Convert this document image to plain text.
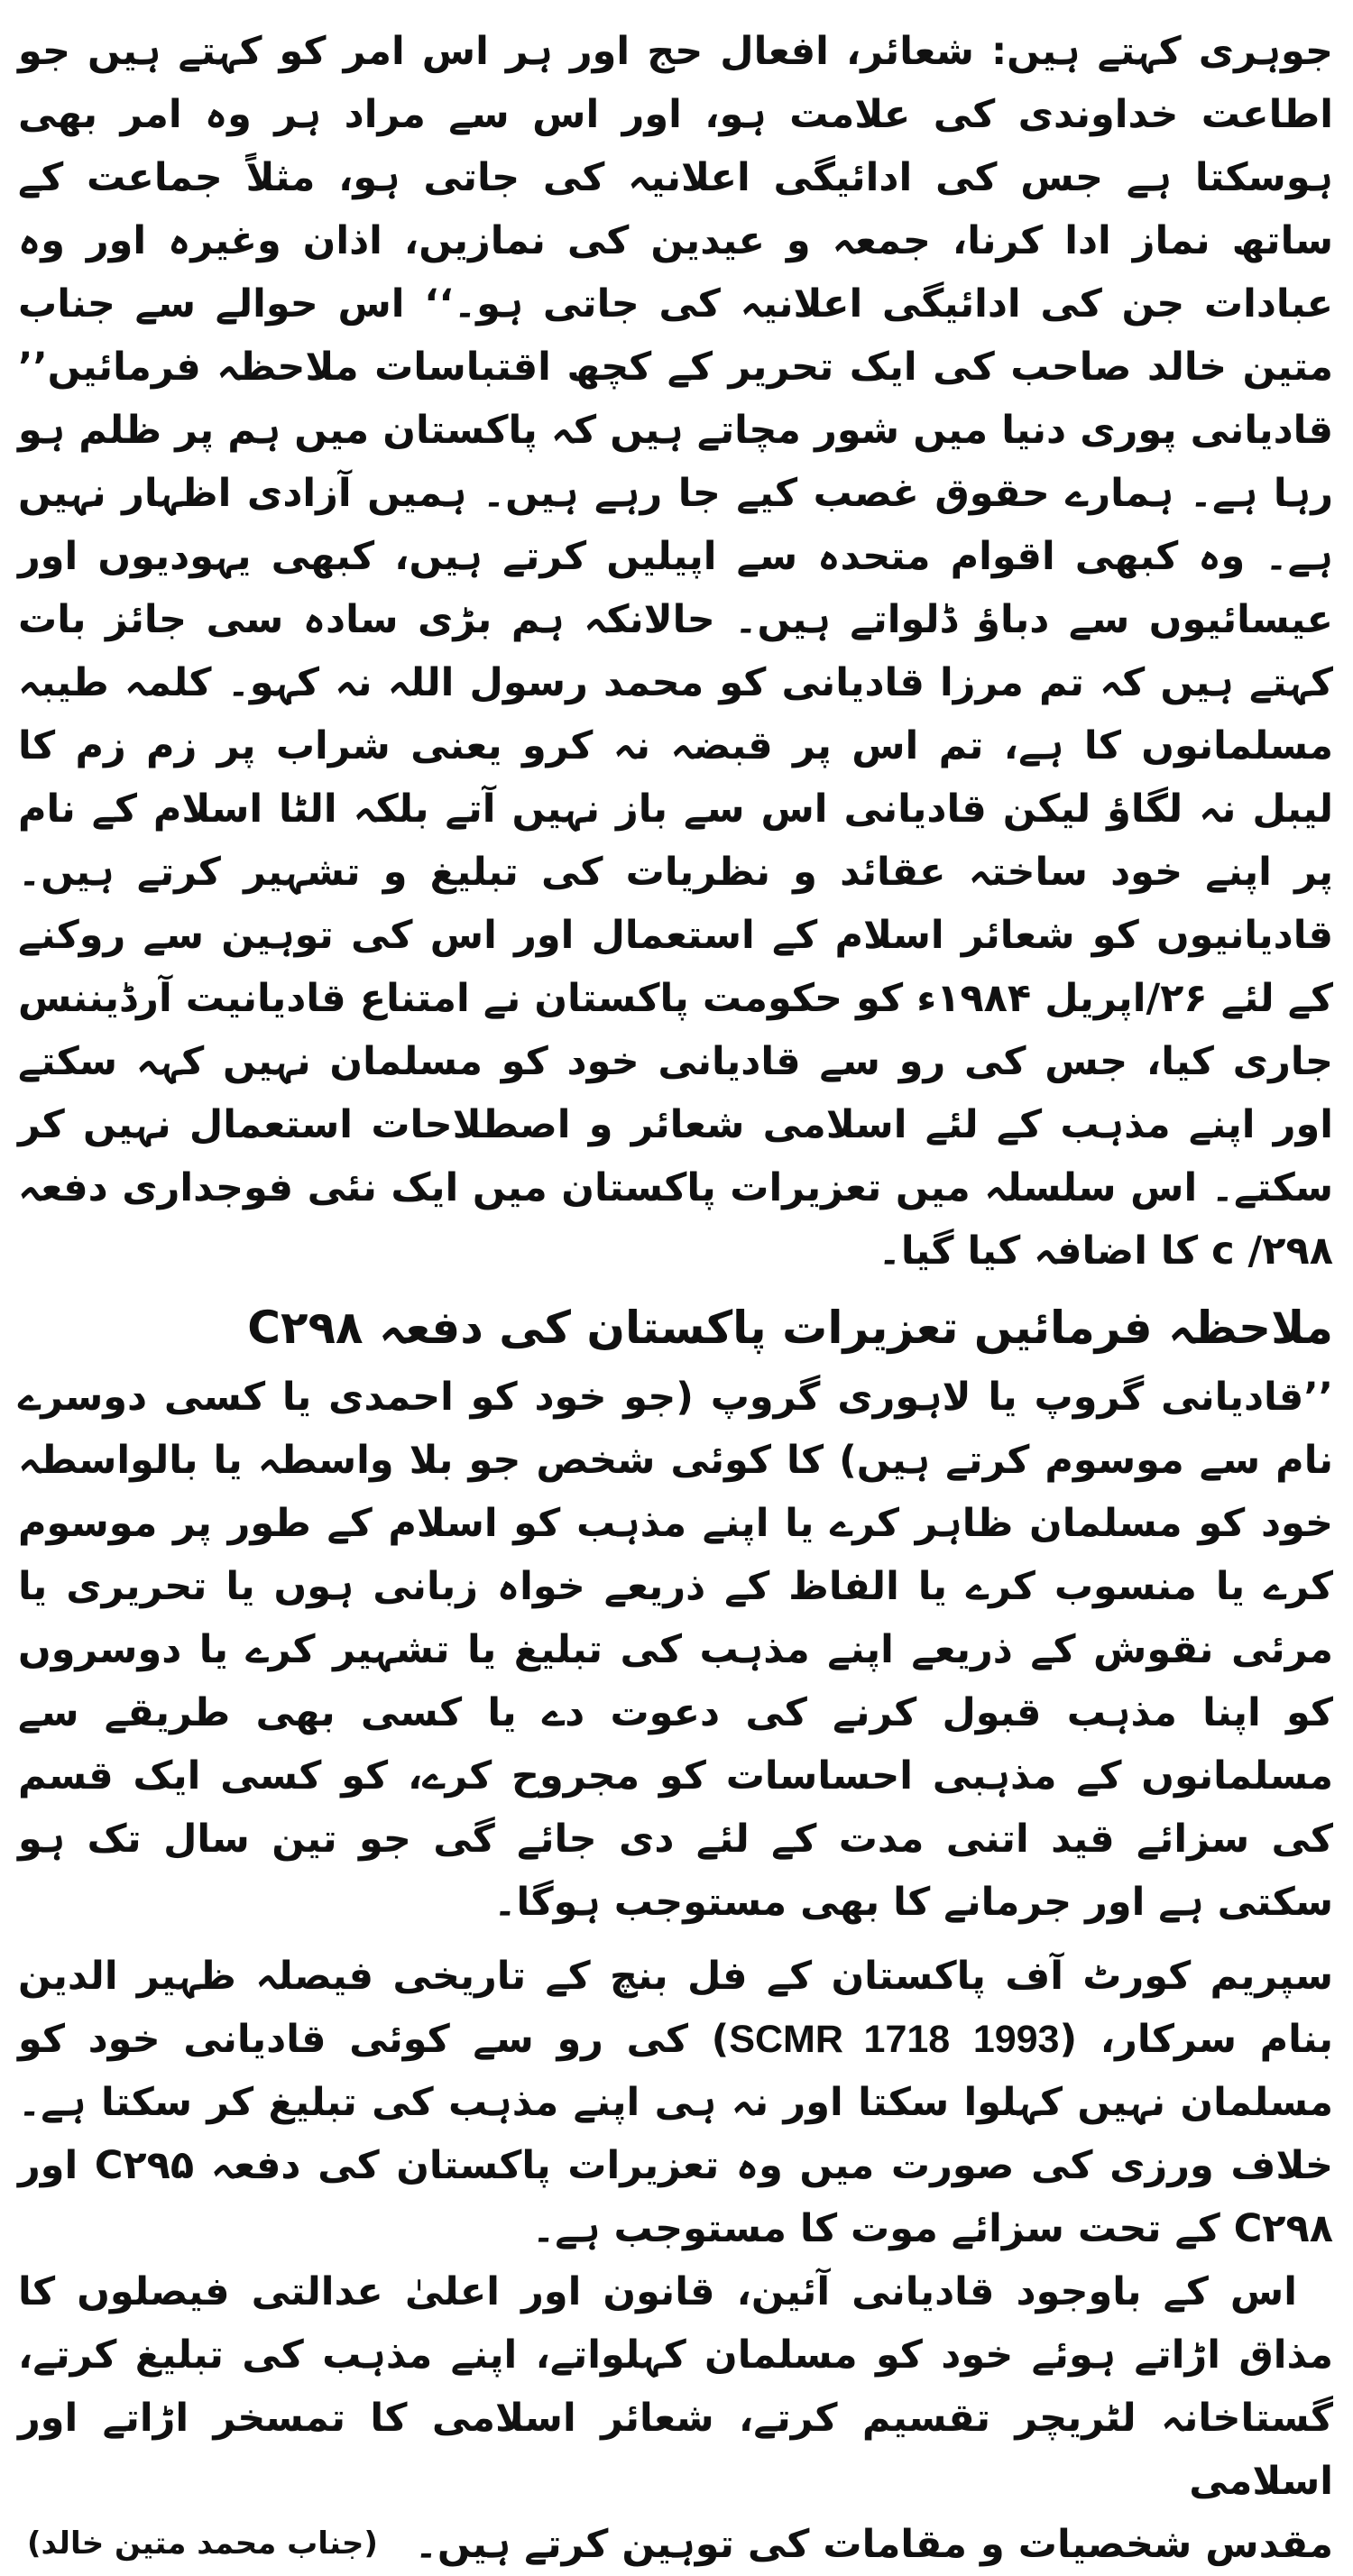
جوہری کہتے ہیں: شعائر، افعال حج اور ہر اس امر کو کہتے ہیں جو اطاعت خداوندی کی علامت ہو، اور اس سے مراد ہر وہ امر بھی ہوسکتا ہے جس کی ادائیگی اعلانیہ کی جاتی ہو، مثلاً جماعت کے ساتھ نماز ادا کرنا، جمعہ و عیدین کی نمازیں، اذان وغیرہ اور وہ عبادات جن کی ادائیگی اعلانیہ کی جاتی ہو۔‘‘ اس حوالے سے جناب متین خالد صاحب کی ایک تحریر کے کچھ اقتباسات ملاحظہ فرمائیں’’ قادیانی پوری دنیا میں شور مچاتے ہیں کہ پاکستان میں ہم پر ظلم ہو رہا ہے۔ ہمارے حقوق غصب کیے جا رہے ہیں۔ ہمیں آزادی اظہار نہیں ہے۔ وہ کبھی اقوام متحدہ سے اپیلیں کرتے ہیں، کبھی یہودیوں اور عیسائیوں سے دباؤ ڈلواتے ہیں۔ حالانکہ ہم بڑی سادہ سی جائز بات کہتے ہیں کہ تم مرزا قادیانی کو محمد رسول اللہ نہ کہو۔ کلمہ طیبہ مسلمانوں کا ہے، تم اس پر قبضہ نہ کرو یعنی شراب پر زم زم کا لیبل نہ لگاؤ لیکن قادیانی اس سے باز نہیں آتے بلکہ الٹا اسلام کے نام پر اپنے خود ساختہ عقائد و نظریات کی تبلیغ و تشہیر کرتے ہیں۔ قادیانیوں کو شعائر اسلام کے استعمال اور اس کی توہین سے روکنے کے لئے ۲۶/اپریل ۱۹۸۴ء کو حکومت پاکستان نے امتناع قادیانیت آرڈیننس جاری کیا، جس کی رو سے قادیانی خود کو مسلمان نہیں کہہ سکتے اور اپنے مذہب کے لئے اسلامی شعائر و اصطلاحات استعمال نہیں کر سکتے۔ اس سلسلہ میں تعزیرات پاکستان میں ایک نئی فوجداری دفعہ ۲۹۸/ c کا اضافہ کیا گیا۔

ملاحظہ فرمائیں تعزیرات پاکستان کی دفعہ C۲۹۸

’’قادیانی گروپ یا لاہوری گروپ (جو خود کو احمدی یا کسی دوسرے نام سے موسوم کرتے ہیں) کا کوئی شخص جو بلا واسطہ یا بالواسطہ خود کو مسلمان ظاہر کرے یا اپنے مذہب کو اسلام کے طور پر موسوم کرے یا منسوب کرے یا الفاظ کے ذریعے خواہ زبانی ہوں یا تحریری یا مرئی نقوش کے ذریعے اپنے مذہب کی تبلیغ یا تشہیر کرے یا دوسروں کو اپنا مذہب قبول کرنے کی دعوت دے یا کسی بھی طریقے سے مسلمانوں کے مذہبی احساسات کو مجروح کرے، کو کسی ایک قسم کی سزائے قید اتنی مدت کے لئے دی جائے گی جو تین سال تک ہو سکتی ہے اور جرمانے کا بھی مستوجب ہوگا۔

سپریم کورٹ آف پاکستان کے فل بنچ کے تاریخی فیصلہ ظہیر الدین بنام سرکار، (SCMR 1718 1993) کی رو سے کوئی قادیانی خود کو مسلمان نہیں کہلوا سکتا اور نہ ہی اپنے مذہب کی تبلیغ کر سکتا ہے۔ خلاف ورزی کی صورت میں وہ تعزیرات پاکستان کی دفعہ C۲۹۵ اور C۲۹۸ کے تحت سزائے موت کا مستوجب ہے۔

اس کے باوجود قادیانی آئین، قانون اور اعلیٰ عدالتی فیصلوں کا مذاق اڑاتے ہوئے خود کو مسلمان کہلواتے، اپنے مذہب کی تبلیغ کرتے، گستاخانہ لٹریچر تقسیم کرتے، شعائر اسلامی کا تمسخر اڑاتے اور اسلامی

مقدس شخصیات و مقامات کی توہین کرتے ہیں۔
(جناب محمد متین خالد)
